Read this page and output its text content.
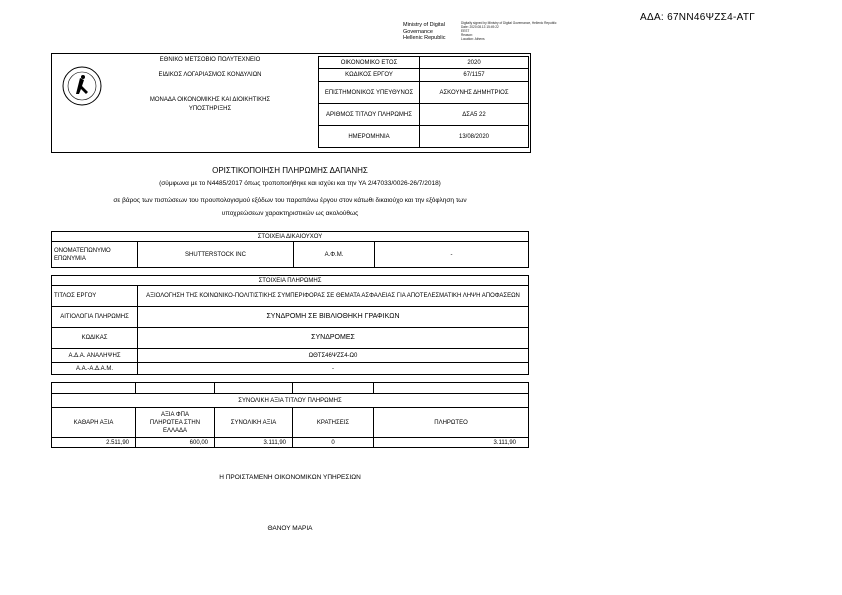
ΑΔΑ: 67ΝΝ46ΨΖΣ4-ΑΤΓ
Ministry of Digital
Governance
Hellenic Republic
Digitally signed by Ministry of Digital Governance, Hellenic Republic
Date: 2020.08.13 15:49:22
EEST
Reason:
Location: Athens
ΕΘΝΙΚΟ ΜΕΤΣΟΒΙΟ ΠΟΛΥΤΕΧΝΕΙΟ
ΕΙΔΙΚΟΣ ΛΟΓΑΡΙΑΣΜΟΣ ΚΟΝΔΥΛΙΩΝ
ΜΟΝΑΔΑ ΟΙΚΟΝΟΜΙΚΗΣ ΚΑΙ ΔΙΟΙΚΗΤΙΚΗΣ ΥΠΟΣΤΗΡΙΞΗΣ
ΟΙΚΟΝΟΜΙΚΟ ΕΤΟΣ	2020
ΚΩΔΙΚΟΣ ΕΡΓΟΥ	67/1157
ΕΠΙΣΤΗΜΟΝΙΚΟΣ ΥΠΕΥΘΥΝΟΣ	ΑΣΚΟΥΝΗΣ ΔΗΜΗΤΡΙΟΣ
ΑΡΙΘΜΟΣ ΤΙΤΛΟΥ ΠΛΗΡΩΜΗΣ	ΔΣΑ5 22
ΗΜΕΡΟΜΗΝΙΑ	13/08/2020
ΟΡΙΣΤΙΚΟΠΟΙΗΣΗ ΠΛΗΡΩΜΗΣ ΔΑΠΑΝΗΣ
(σύμφωνα με το Ν4485/2017 όπως τροποποιήθηκε και ισχύει και την ΥΑ 2/47033/0026-26/7/2018)
σε βάρος των πιστώσεων του προυπολογισμού εξόδων του παραπάνω έργου στον κάτωθι δικαιούχο και την εξόφληση των
υποχρεώσεων χαρακτηριστικών ως ακολούθως
ΣΤΟΙΧΕΙΑ ΔΙΚΑΙΟΥΧΟΥ
ΟΝΟΜΑΤΕΠΩΝΥΜΟ ΕΠΩΝΥΜΙΑ	SHUTTERSTOCK INC	Α.Φ.Μ.	-
ΣΤΟΙΧΕΙΑ ΠΛΗΡΩΜΗΣ	
ΤΙΤΛΟΣ ΕΡΓΟΥ	ΑΞΙΟΛΟΓΗΣΗ ΤΗΣ ΚΟΙΝΩΝΙΚΟ-ΠΟΛΙΤΙΣΤΙΚΗΣ ΣΥΜΠΕΡΙΦΟΡΑΣ ΣΕ ΘΕΜΑΤΑ ΑΣΦΑΛΕΙΑΣ ΓΙΑ ΑΠΟΤΕΛΕΣΜΑΤΙΚΗ ΛΗΨΗ ΑΠΟΦΑΣΕΩΝ
ΑΙΤΙΟΛΟΓΙΑ ΠΛΗΡΩΜΗΣ	ΣΥΝΔΡΟΜΗ ΣΕ ΒΙΒΛΙΟΘΗΚΗ ΓΡΑΦΙΚΩΝ
ΚΩΔΙΚΑΣ	ΣΥΝΔΡΟΜΕΣ
Α.Δ.Α. ΑΝΑΛΗΨΗΣ	ΩΘΤΣ46ΨΖΣ4-Ω0
Α.Α.-Α.Δ.Α.Μ.	-

ΣΥΝΟΛΙΚΗ ΑΞΙΑ ΤΙΤΛΟΥ ΠΛΗΡΩΜΗΣ				
ΚΑΘΑΡΗ ΑΞΙΑ	ΑΞΙΑ ΦΠΑ ΠΛΗΡΩΤΕΑ ΣΤΗΝ ΕΛΛΑΔΑ	ΣΥΝΟΛΙΚΗ ΑΞΙΑ	ΚΡΑΤΗΣΕΙΣ	ΠΛΗΡΩΤΕΟ
2.511,90	600,00	3.111,90	0	3.111,90
Η ΠΡΟΙΣΤΑΜΕΝΗ ΟΙΚΟΝΟΜΙΚΩΝ ΥΠΗΡΕΣΙΩΝ
ΘΑΝΟΥ ΜΑΡΙΑ
